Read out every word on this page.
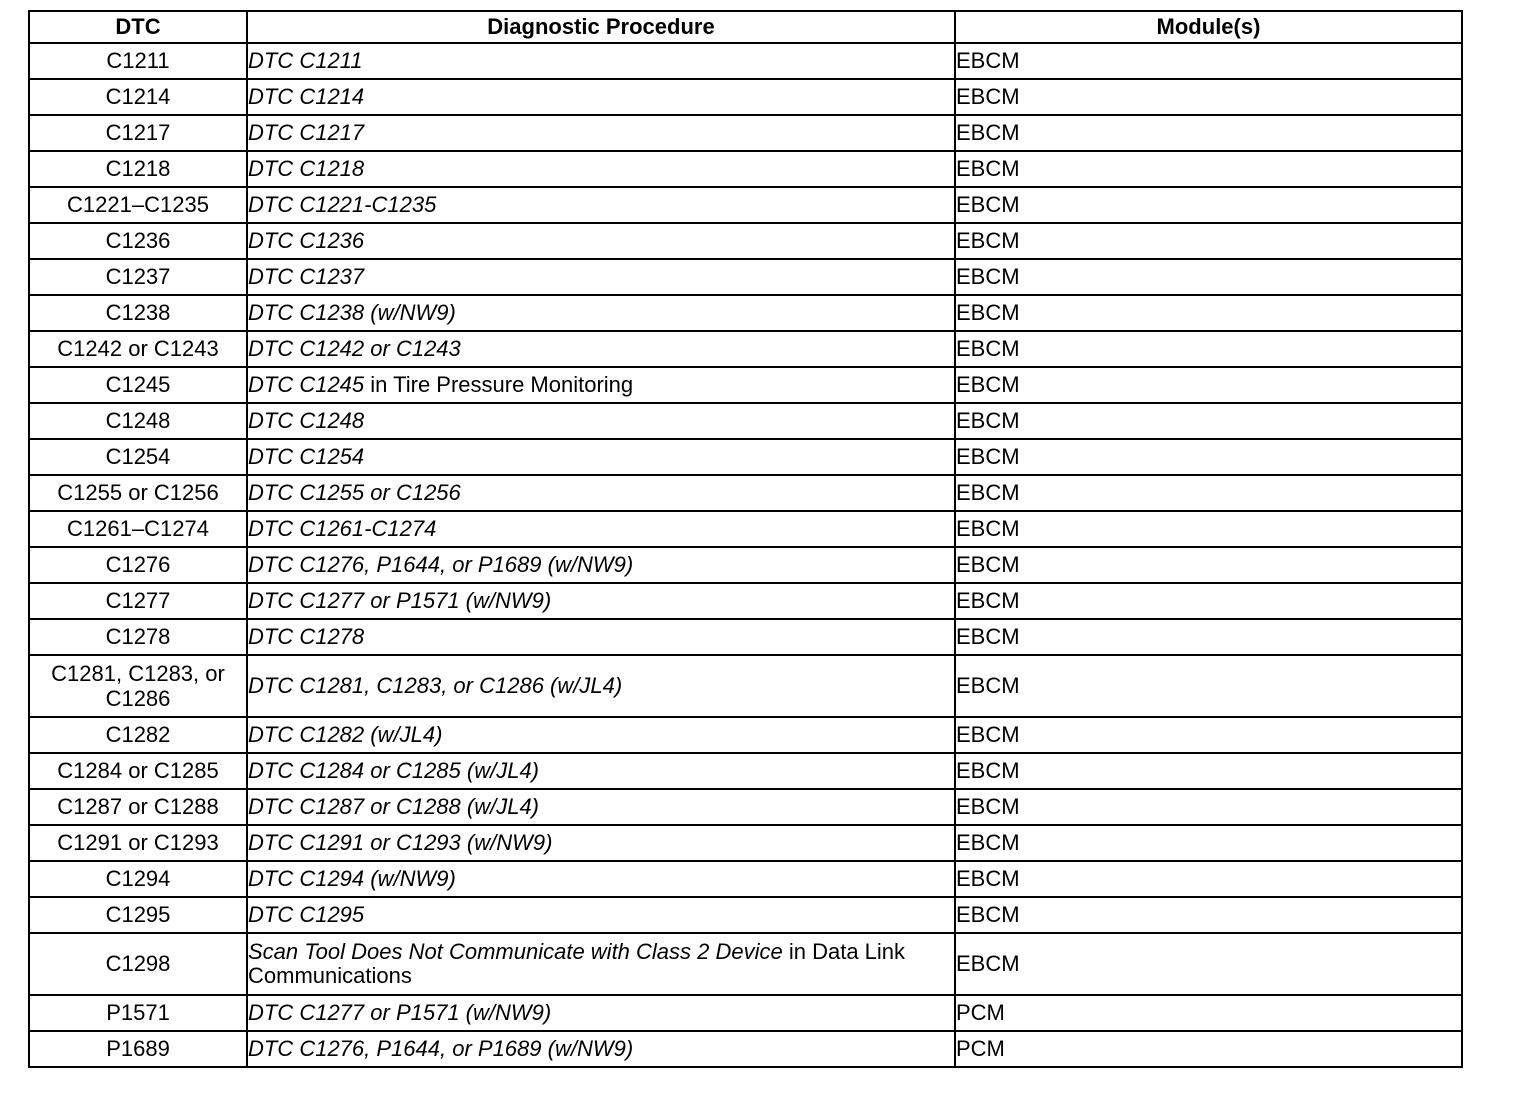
DTC	Diagnostic Procedure	Module(s)
C1211	DTC C1211	EBCM
C1214	DTC C1214	EBCM
C1217	DTC C1217	EBCM
C1218	DTC C1218	EBCM
C1221–C1235	DTC C1221-C1235	EBCM
C1236	DTC C1236	EBCM
C1237	DTC C1237	EBCM
C1238	DTC C1238 (w/NW9)	EBCM
C1242 or C1243	DTC C1242 or C1243	EBCM
C1245	DTC C1245 in Tire Pressure Monitoring	EBCM
C1248	DTC C1248	EBCM
C1254	DTC C1254	EBCM
C1255 or C1256	DTC C1255 or C1256	EBCM
C1261–C1274	DTC C1261-C1274	EBCM
C1276	DTC C1276, P1644, or P1689 (w/NW9)	EBCM
C1277	DTC C1277 or P1571 (w/NW9)	EBCM
C1278	DTC C1278	EBCM
C1281, C1283, or C1286	DTC C1281, C1283, or C1286 (w/JL4)	EBCM
C1282	DTC C1282 (w/JL4)	EBCM
C1284 or C1285	DTC C1284 or C1285 (w/JL4)	EBCM
C1287 or C1288	DTC C1287 or C1288 (w/JL4)	EBCM
C1291 or C1293	DTC C1291 or C1293 (w/NW9)	EBCM
C1294	DTC C1294 (w/NW9)	EBCM
C1295	DTC C1295	EBCM
C1298	Scan Tool Does Not Communicate with Class 2 Device in Data Link Communications	EBCM
P1571	DTC C1277 or P1571 (w/NW9)	PCM
P1689	DTC C1276, P1644, or P1689 (w/NW9)	PCM
